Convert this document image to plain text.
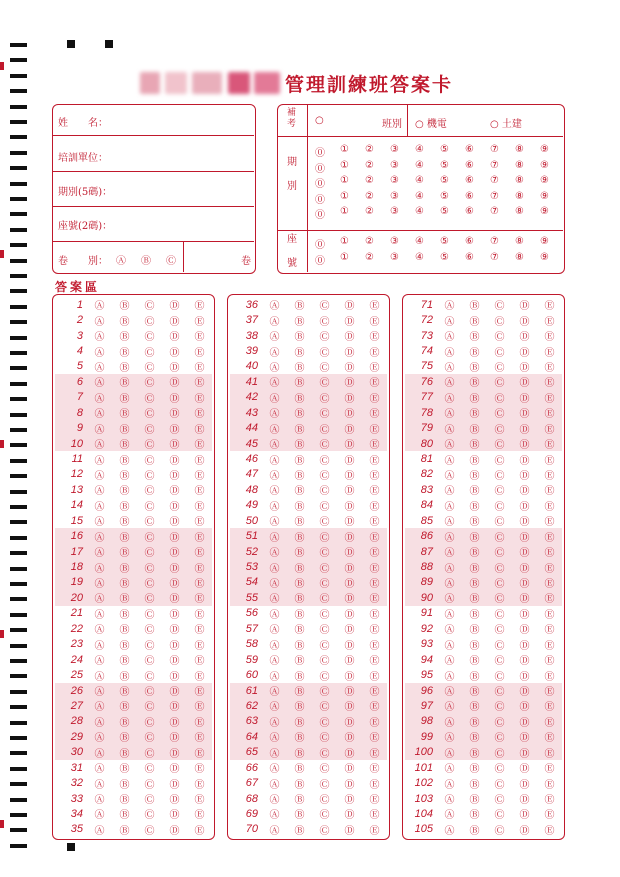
管理訓練班答案卡
姓　　名：
培訓單位：
期別(5碼)：
座號(2碼)：
卷　　別： Ⓐ Ⓑ Ⓒ	卷
補考 ○	班別 ○ 機電	○ 土建
期

別
座

號
⓪ ① ② ③ ④ ⑤ ⑥ ⑦ ⑧ ⑨
⓪ ① ② ③ ④ ⑤ ⑥ ⑦ ⑧ ⑨
⓪ ① ② ③ ④ ⑤ ⑥ ⑦ ⑧ ⑨
⓪ ① ② ③ ④ ⑤ ⑥ ⑦ ⑧ ⑨
⓪ ① ② ③ ④ ⑤ ⑥ ⑦ ⑧ ⑨
⓪ ① ② ③ ④ ⑤ ⑥ ⑦ ⑧ ⑨
⓪ ① ② ③ ④ ⑤ ⑥ ⑦ ⑧ ⑨
答案區
1	Ⓐ	Ⓑ	Ⓒ	Ⓓ	Ⓔ
2	Ⓐ	Ⓑ	Ⓒ	Ⓓ	Ⓔ
3	Ⓐ	Ⓑ	Ⓒ	Ⓓ	Ⓔ
4	Ⓐ	Ⓑ	Ⓒ	Ⓓ	Ⓔ
5	Ⓐ	Ⓑ	Ⓒ	Ⓓ	Ⓔ
6	Ⓐ	Ⓑ	Ⓒ	Ⓓ	Ⓔ
7	Ⓐ	Ⓑ	Ⓒ	Ⓓ	Ⓔ
8	Ⓐ	Ⓑ	Ⓒ	Ⓓ	Ⓔ
9	Ⓐ	Ⓑ	Ⓒ	Ⓓ	Ⓔ
10	Ⓐ	Ⓑ	Ⓒ	Ⓓ	Ⓔ
11	Ⓐ	Ⓑ	Ⓒ	Ⓓ	Ⓔ
12	Ⓐ	Ⓑ	Ⓒ	Ⓓ	Ⓔ
13	Ⓐ	Ⓑ	Ⓒ	Ⓓ	Ⓔ
14	Ⓐ	Ⓑ	Ⓒ	Ⓓ	Ⓔ
15	Ⓐ	Ⓑ	Ⓒ	Ⓓ	Ⓔ
16	Ⓐ	Ⓑ	Ⓒ	Ⓓ	Ⓔ
17	Ⓐ	Ⓑ	Ⓒ	Ⓓ	Ⓔ
18	Ⓐ	Ⓑ	Ⓒ	Ⓓ	Ⓔ
19	Ⓐ	Ⓑ	Ⓒ	Ⓓ	Ⓔ
20	Ⓐ	Ⓑ	Ⓒ	Ⓓ	Ⓔ
21	Ⓐ	Ⓑ	Ⓒ	Ⓓ	Ⓔ
22	Ⓐ	Ⓑ	Ⓒ	Ⓓ	Ⓔ
23	Ⓐ	Ⓑ	Ⓒ	Ⓓ	Ⓔ
24	Ⓐ	Ⓑ	Ⓒ	Ⓓ	Ⓔ
25	Ⓐ	Ⓑ	Ⓒ	Ⓓ	Ⓔ
26	Ⓐ	Ⓑ	Ⓒ	Ⓓ	Ⓔ
27	Ⓐ	Ⓑ	Ⓒ	Ⓓ	Ⓔ
28	Ⓐ	Ⓑ	Ⓒ	Ⓓ	Ⓔ
29	Ⓐ	Ⓑ	Ⓒ	Ⓓ	Ⓔ
30	Ⓐ	Ⓑ	Ⓒ	Ⓓ	Ⓔ
31	Ⓐ	Ⓑ	Ⓒ	Ⓓ	Ⓔ
32	Ⓐ	Ⓑ	Ⓒ	Ⓓ	Ⓔ
33	Ⓐ	Ⓑ	Ⓒ	Ⓓ	Ⓔ
34	Ⓐ	Ⓑ	Ⓒ	Ⓓ	Ⓔ
35	Ⓐ	Ⓑ	Ⓒ	Ⓓ	Ⓔ
36	Ⓐ	Ⓑ	Ⓒ	Ⓓ	Ⓔ
37	Ⓐ	Ⓑ	Ⓒ	Ⓓ	Ⓔ
38	Ⓐ	Ⓑ	Ⓒ	Ⓓ	Ⓔ
39	Ⓐ	Ⓑ	Ⓒ	Ⓓ	Ⓔ
40	Ⓐ	Ⓑ	Ⓒ	Ⓓ	Ⓔ
41	Ⓐ	Ⓑ	Ⓒ	Ⓓ	Ⓔ
42	Ⓐ	Ⓑ	Ⓒ	Ⓓ	Ⓔ
43	Ⓐ	Ⓑ	Ⓒ	Ⓓ	Ⓔ
44	Ⓐ	Ⓑ	Ⓒ	Ⓓ	Ⓔ
45	Ⓐ	Ⓑ	Ⓒ	Ⓓ	Ⓔ
46	Ⓐ	Ⓑ	Ⓒ	Ⓓ	Ⓔ
47	Ⓐ	Ⓑ	Ⓒ	Ⓓ	Ⓔ
48	Ⓐ	Ⓑ	Ⓒ	Ⓓ	Ⓔ
49	Ⓐ	Ⓑ	Ⓒ	Ⓓ	Ⓔ
50	Ⓐ	Ⓑ	Ⓒ	Ⓓ	Ⓔ
51	Ⓐ	Ⓑ	Ⓒ	Ⓓ	Ⓔ
52	Ⓐ	Ⓑ	Ⓒ	Ⓓ	Ⓔ
53	Ⓐ	Ⓑ	Ⓒ	Ⓓ	Ⓔ
54	Ⓐ	Ⓑ	Ⓒ	Ⓓ	Ⓔ
55	Ⓐ	Ⓑ	Ⓒ	Ⓓ	Ⓔ
56	Ⓐ	Ⓑ	Ⓒ	Ⓓ	Ⓔ
57	Ⓐ	Ⓑ	Ⓒ	Ⓓ	Ⓔ
58	Ⓐ	Ⓑ	Ⓒ	Ⓓ	Ⓔ
59	Ⓐ	Ⓑ	Ⓒ	Ⓓ	Ⓔ
60	Ⓐ	Ⓑ	Ⓒ	Ⓓ	Ⓔ
61	Ⓐ	Ⓑ	Ⓒ	Ⓓ	Ⓔ
62	Ⓐ	Ⓑ	Ⓒ	Ⓓ	Ⓔ
63	Ⓐ	Ⓑ	Ⓒ	Ⓓ	Ⓔ
64	Ⓐ	Ⓑ	Ⓒ	Ⓓ	Ⓔ
65	Ⓐ	Ⓑ	Ⓒ	Ⓓ	Ⓔ
66	Ⓐ	Ⓑ	Ⓒ	Ⓓ	Ⓔ
67	Ⓐ	Ⓑ	Ⓒ	Ⓓ	Ⓔ
68	Ⓐ	Ⓑ	Ⓒ	Ⓓ	Ⓔ
69	Ⓐ	Ⓑ	Ⓒ	Ⓓ	Ⓔ
70	Ⓐ	Ⓑ	Ⓒ	Ⓓ	Ⓔ
71	Ⓐ	Ⓑ	Ⓒ	Ⓓ	Ⓔ
72	Ⓐ	Ⓑ	Ⓒ	Ⓓ	Ⓔ
73	Ⓐ	Ⓑ	Ⓒ	Ⓓ	Ⓔ
74	Ⓐ	Ⓑ	Ⓒ	Ⓓ	Ⓔ
75	Ⓐ	Ⓑ	Ⓒ	Ⓓ	Ⓔ
76	Ⓐ	Ⓑ	Ⓒ	Ⓓ	Ⓔ
77	Ⓐ	Ⓑ	Ⓒ	Ⓓ	Ⓔ
78	Ⓐ	Ⓑ	Ⓒ	Ⓓ	Ⓔ
79	Ⓐ	Ⓑ	Ⓒ	Ⓓ	Ⓔ
80	Ⓐ	Ⓑ	Ⓒ	Ⓓ	Ⓔ
81	Ⓐ	Ⓑ	Ⓒ	Ⓓ	Ⓔ
82	Ⓐ	Ⓑ	Ⓒ	Ⓓ	Ⓔ
83	Ⓐ	Ⓑ	Ⓒ	Ⓓ	Ⓔ
84	Ⓐ	Ⓑ	Ⓒ	Ⓓ	Ⓔ
85	Ⓐ	Ⓑ	Ⓒ	Ⓓ	Ⓔ
86	Ⓐ	Ⓑ	Ⓒ	Ⓓ	Ⓔ
87	Ⓐ	Ⓑ	Ⓒ	Ⓓ	Ⓔ
88	Ⓐ	Ⓑ	Ⓒ	Ⓓ	Ⓔ
89	Ⓐ	Ⓑ	Ⓒ	Ⓓ	Ⓔ
90	Ⓐ	Ⓑ	Ⓒ	Ⓓ	Ⓔ
91	Ⓐ	Ⓑ	Ⓒ	Ⓓ	Ⓔ
92	Ⓐ	Ⓑ	Ⓒ	Ⓓ	Ⓔ
93	Ⓐ	Ⓑ	Ⓒ	Ⓓ	Ⓔ
94	Ⓐ	Ⓑ	Ⓒ	Ⓓ	Ⓔ
95	Ⓐ	Ⓑ	Ⓒ	Ⓓ	Ⓔ
96	Ⓐ	Ⓑ	Ⓒ	Ⓓ	Ⓔ
97	Ⓐ	Ⓑ	Ⓒ	Ⓓ	Ⓔ
98	Ⓐ	Ⓑ	Ⓒ	Ⓓ	Ⓔ
99	Ⓐ	Ⓑ	Ⓒ	Ⓓ	Ⓔ
100	Ⓐ	Ⓑ	Ⓒ	Ⓓ	Ⓔ
101	Ⓐ	Ⓑ	Ⓒ	Ⓓ	Ⓔ
102	Ⓐ	Ⓑ	Ⓒ	Ⓓ	Ⓔ
103	Ⓐ	Ⓑ	Ⓒ	Ⓓ	Ⓔ
104	Ⓐ	Ⓑ	Ⓒ	Ⓓ	Ⓔ
105	Ⓐ	Ⓑ	Ⓒ	Ⓓ	Ⓔ
